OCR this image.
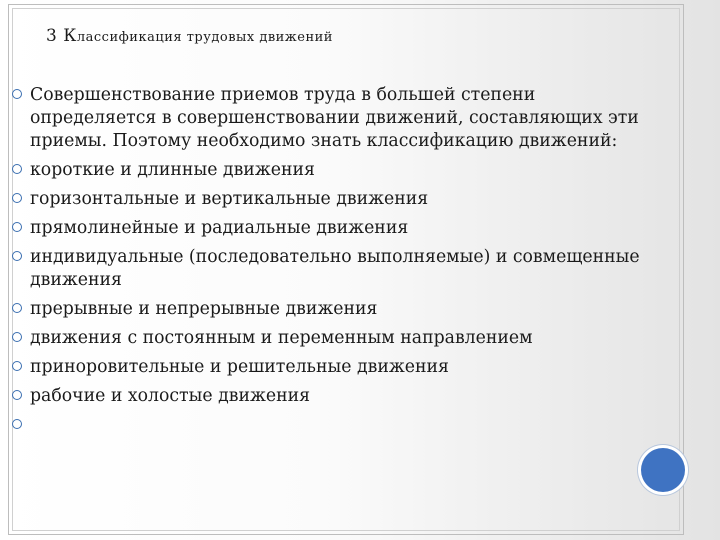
3 Классификация трудовых движений
Совершенствование приемов труда в большей степени определяется в совершенствовании движений, составляющих эти приемы. Поэтому необходимо знать классификацию движений:
короткие и длинные движения
горизонтальные и вертикальные движения
прямолинейные и радиальные движения
индивидуальные (последовательно выполняемые) и совмещенные движения
прерывные и непрерывные движения
движения с постоянным и переменным направлением
приноровительные и решительные движения
рабочие и холостые движения
